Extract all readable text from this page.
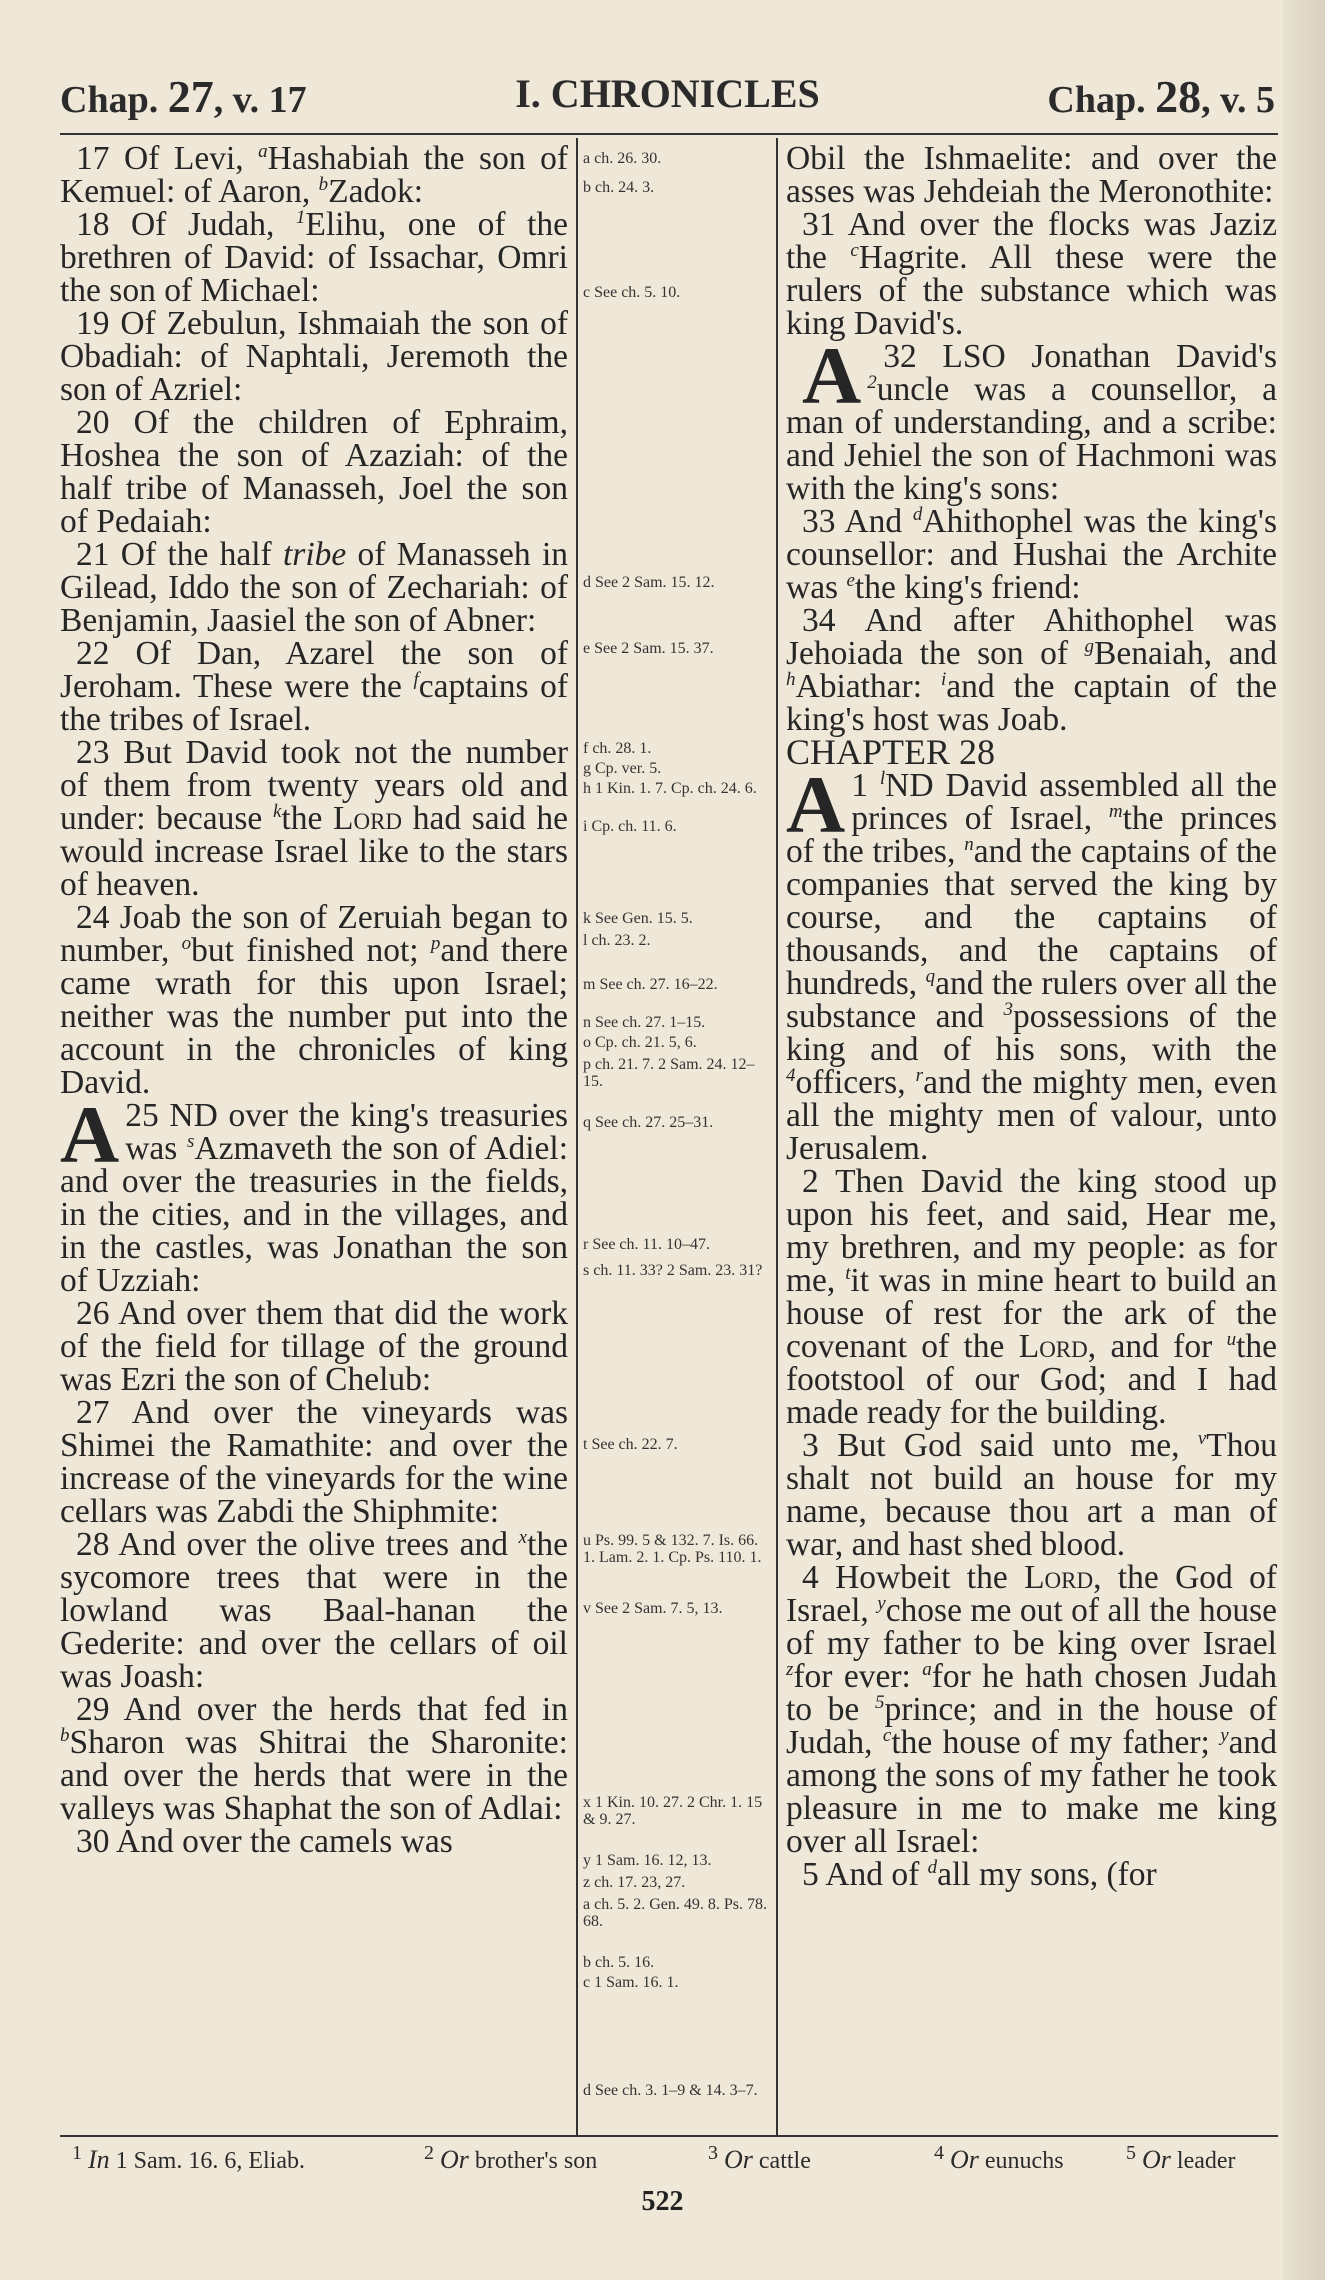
Chap. 27, v. 17	I. CHRONICLES	Chap. 28, v. 5

17 Of Levi, $^a$Hashabiah the son of Kemuel: of Aaron, $^b$Zadok:

18 Of Judah, $^1$Elihu, one of the brethren of David: of Issachar, Omri the son of Michael:

19 Of Zebulun, Ishmaiah the son of Obadiah: of Naphtali, Jeremoth the son of Azriel:

20 Of the children of Ephraim, Hoshea the son of Azaziah: of the half tribe of Manasseh, Joel the son of Pedaiah:

21 Of the half tribe of Manasseh in Gilead, Iddo the son of Zechariah: of Benjamin, Jaasiel the son of Abner:

22 Of Dan, Azarel the son of Jeroham. These were the $^f$captains of the tribes of Israel.

23 But David took not the number of them from twenty years old and under: because $^k$the Lord had said he would increase Israel like to the stars of heaven.

24 Joab the son of Zeruiah began to number, $^o$but finished not; $^p$and there came wrath for this upon Israel; neither was the number put into the account in the chronicles of king David.

25
A ND over the king's treasuries was $^s$Azmaveth the son of Adiel: and over the treasuries in the fields, in the cities, and in the villages, and in the castles, was Jonathan the son of Uzziah:

26 And over them that did the work of the field for tillage of the ground was Ezri the son of Chelub:

27 And over the vineyards was Shimei the Ramathite: and over the increase of the vineyards for the wine cellars was Zabdi the Shiphmite:

28 And over the olive trees and $^x$the sycomore trees that were in the lowland was Baal-hanan the Gederite: and over the cellars of oil was Joash:

29 And over the herds that fed in $^b$Sharon was Shitrai the Sharonite: and over the herds that were in the valleys was Shaphat the son of Adlai:

30 And over the camels was

a ch. 26. 30.
b ch. 24. 3.
c See ch. 5. 10.
d See 2 Sam. 15. 12.
e See 2 Sam. 15. 37.
f ch. 28. 1.
g Cp. ver. 5.
h 1 Kin. 1. 7. Cp. ch. 24. 6.
i Cp. ch. 11. 6.
k See Gen. 15. 5.
l ch. 23. 2.
m See ch. 27. 16–22.
n See ch. 27. 1–15.
o Cp. ch. 21. 5, 6.
p ch. 21. 7. 2 Sam. 24. 12–15.
q See ch. 27. 25–31.
r See ch. 11. 10–47.
s ch. 11. 33? 2 Sam. 23. 31?
t See ch. 22. 7.
u Ps. 99. 5 & 132. 7. Is. 66. 1. Lam. 2. 1. Cp. Ps. 110. 1.
v See 2 Sam. 7. 5, 13.
x 1 Kin. 10. 27. 2 Chr. 1. 15 & 9. 27.
y 1 Sam. 16. 12, 13.
z ch. 17. 23, 27.
a ch. 5. 2. Gen. 49. 8. Ps. 78. 68.
b ch. 5. 16.
c 1 Sam. 16. 1.
d See ch. 3. 1–9 & 14. 3–7.

Obil the Ishmaelite: and over the asses was Jehdeiah the Meronothite:

31 And over the flocks was Jaziz the $^c$Hagrite. All these were the rulers of the substance which was king David's.

32
A LSO Jonathan David's $^2$uncle was a counsellor, a man of understanding, and a scribe: and Jehiel the son of Hachmoni was with the king's sons:

33 And $^d$Ahithophel was the king's counsellor: and Hushai the Archite was $^e$the king's friend:

34 And after Ahithophel was Jehoiada the son of $^g$Benaiah, and $^h$Abiathar: $^i$and the captain of the king's host was Joab.

CHAPTER 28

1 $^l$
A ND David assembled all the princes of Israel, $^m$the princes of the tribes, $^n$and the captains of the companies that served the king by course, and the captains of thousands, and the captains of hundreds, $^q$and the rulers over all the substance and $^3$possessions of the king and of his sons, with the $^4$officers, $^r$and the mighty men, even all the mighty men of valour, unto Jerusalem.

2 Then David the king stood up upon his feet, and said, Hear me, my brethren, and my people: as for me, $^t$it was in mine heart to build an house of rest for the ark of the covenant of the Lord, and for $^u$the footstool of our God; and I had made ready for the building.

3 But God said unto me, $^v$Thou shalt not build an house for my name, because thou art a man of war, and hast shed blood.

4 Howbeit the Lord, the God of Israel, $^y$chose me out of all the house of my father to be king over Israel $^z$for ever: $^a$for he hath chosen Judah to be $^5$prince; and in the house of Judah, $^c$the house of my father; $^y$and among the sons of my father he took pleasure in me to make me king over all Israel:

5 And of $^d$all my sons, (for

$^1$ In 1 Sam. 16. 6, Eliab.	$^2$ Or brother's son	$^3$ Or cattle	$^4$ Or eunuchs	$^5$ Or leader
522
